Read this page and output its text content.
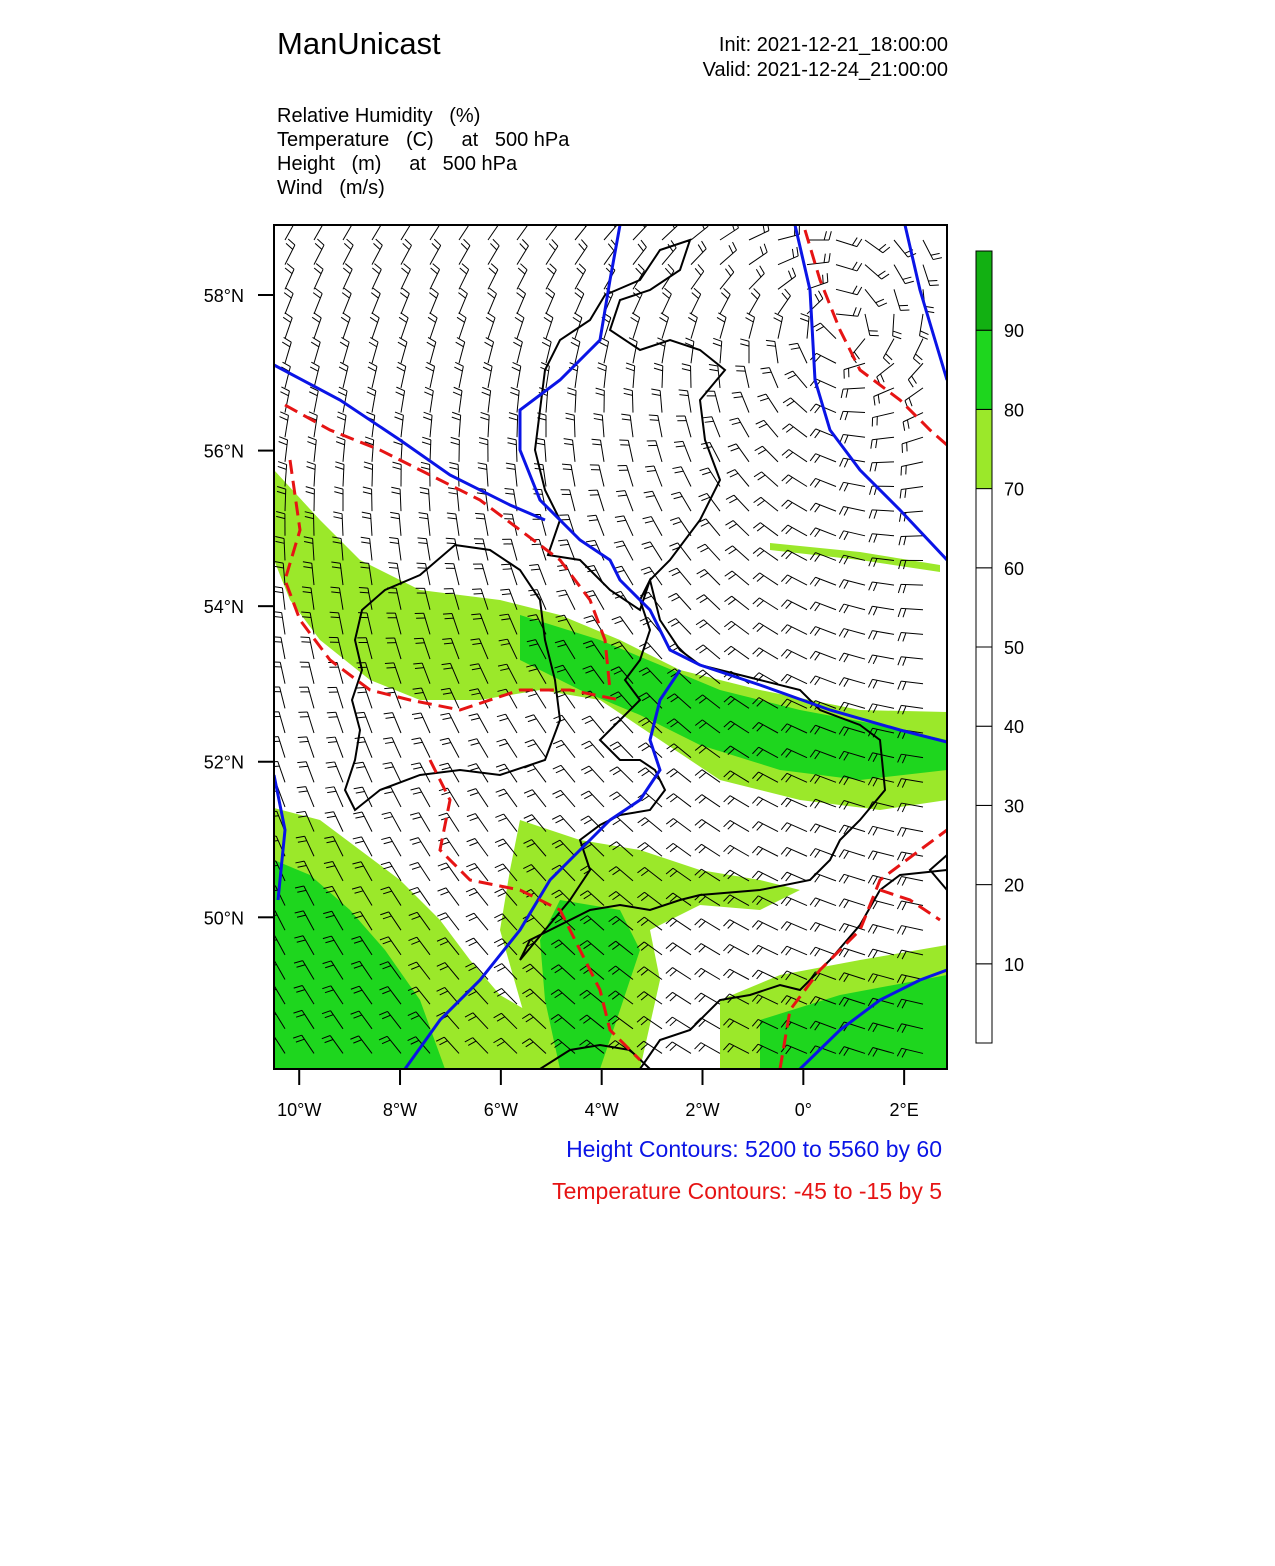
ManUnicast	Init: 2021-12-21_18:00:00
Valid: 2021-12-24_21:00:00
Relative Humidity   (%)
Temperature   (C)     at   500 hPa
Height   (m)     at   500 hPa
Wind   (m/s)
58°N
56°N
54°N
52°N
50°N
10°W	8°W	6°W	4°W	2°W	0°	2°E
10
20
30
40
50
60
70
80
90
Height Contours: 5200 to 5560 by 60
Temperature Contours: -45 to -15 by 5
